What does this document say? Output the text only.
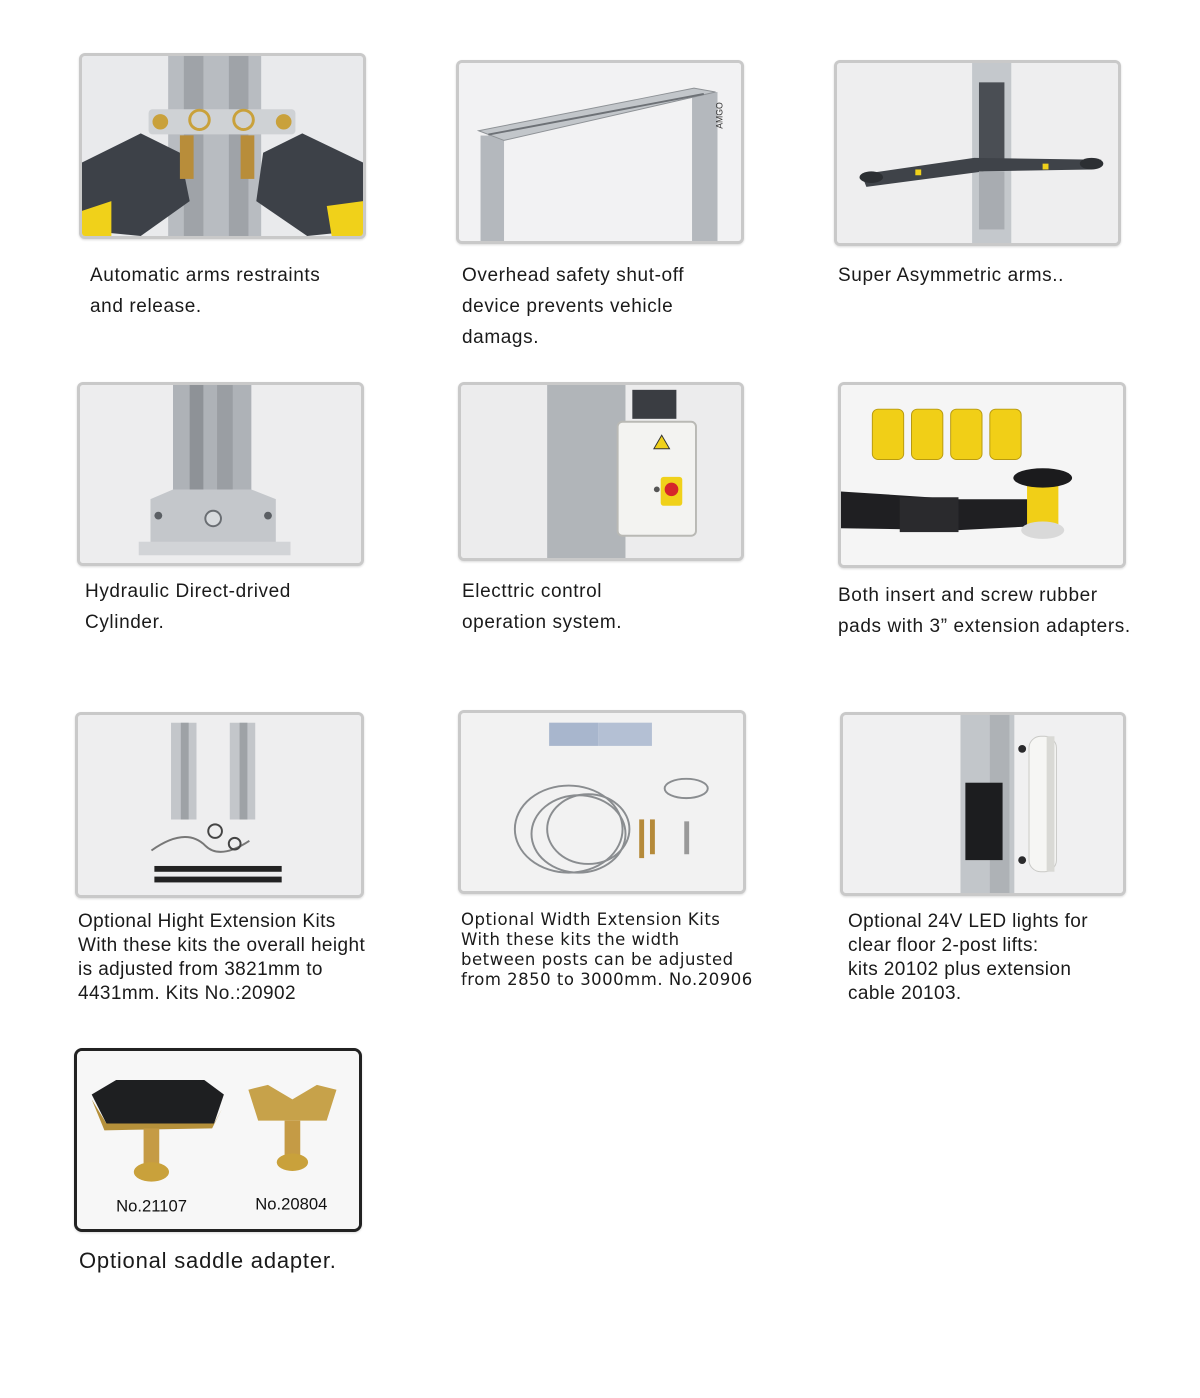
Automatic arms restraints
and release.
AMGO
Overhead safety shut-off
device prevents vehicle
damags.
Super Asymmetric arms..
Hydraulic Direct-drived
Cylinder.
Electtric control
operation system.
Both insert and screw rubber
pads with 3” extension adapters.
Optional Hight Extension Kits
With these kits the overall height
is adjusted from 3821mm to
4431mm. Kits No.:20902
Optional Width Extension Kits
With these kits the width
between posts can be adjusted
from 2850 to 3000mm. No.20906
Optional 24V LED lights for
clear floor 2-post lifts:
kits 20102 plus extension
cable 20103.
No.21107	No.20804
Optional saddle adapter.
